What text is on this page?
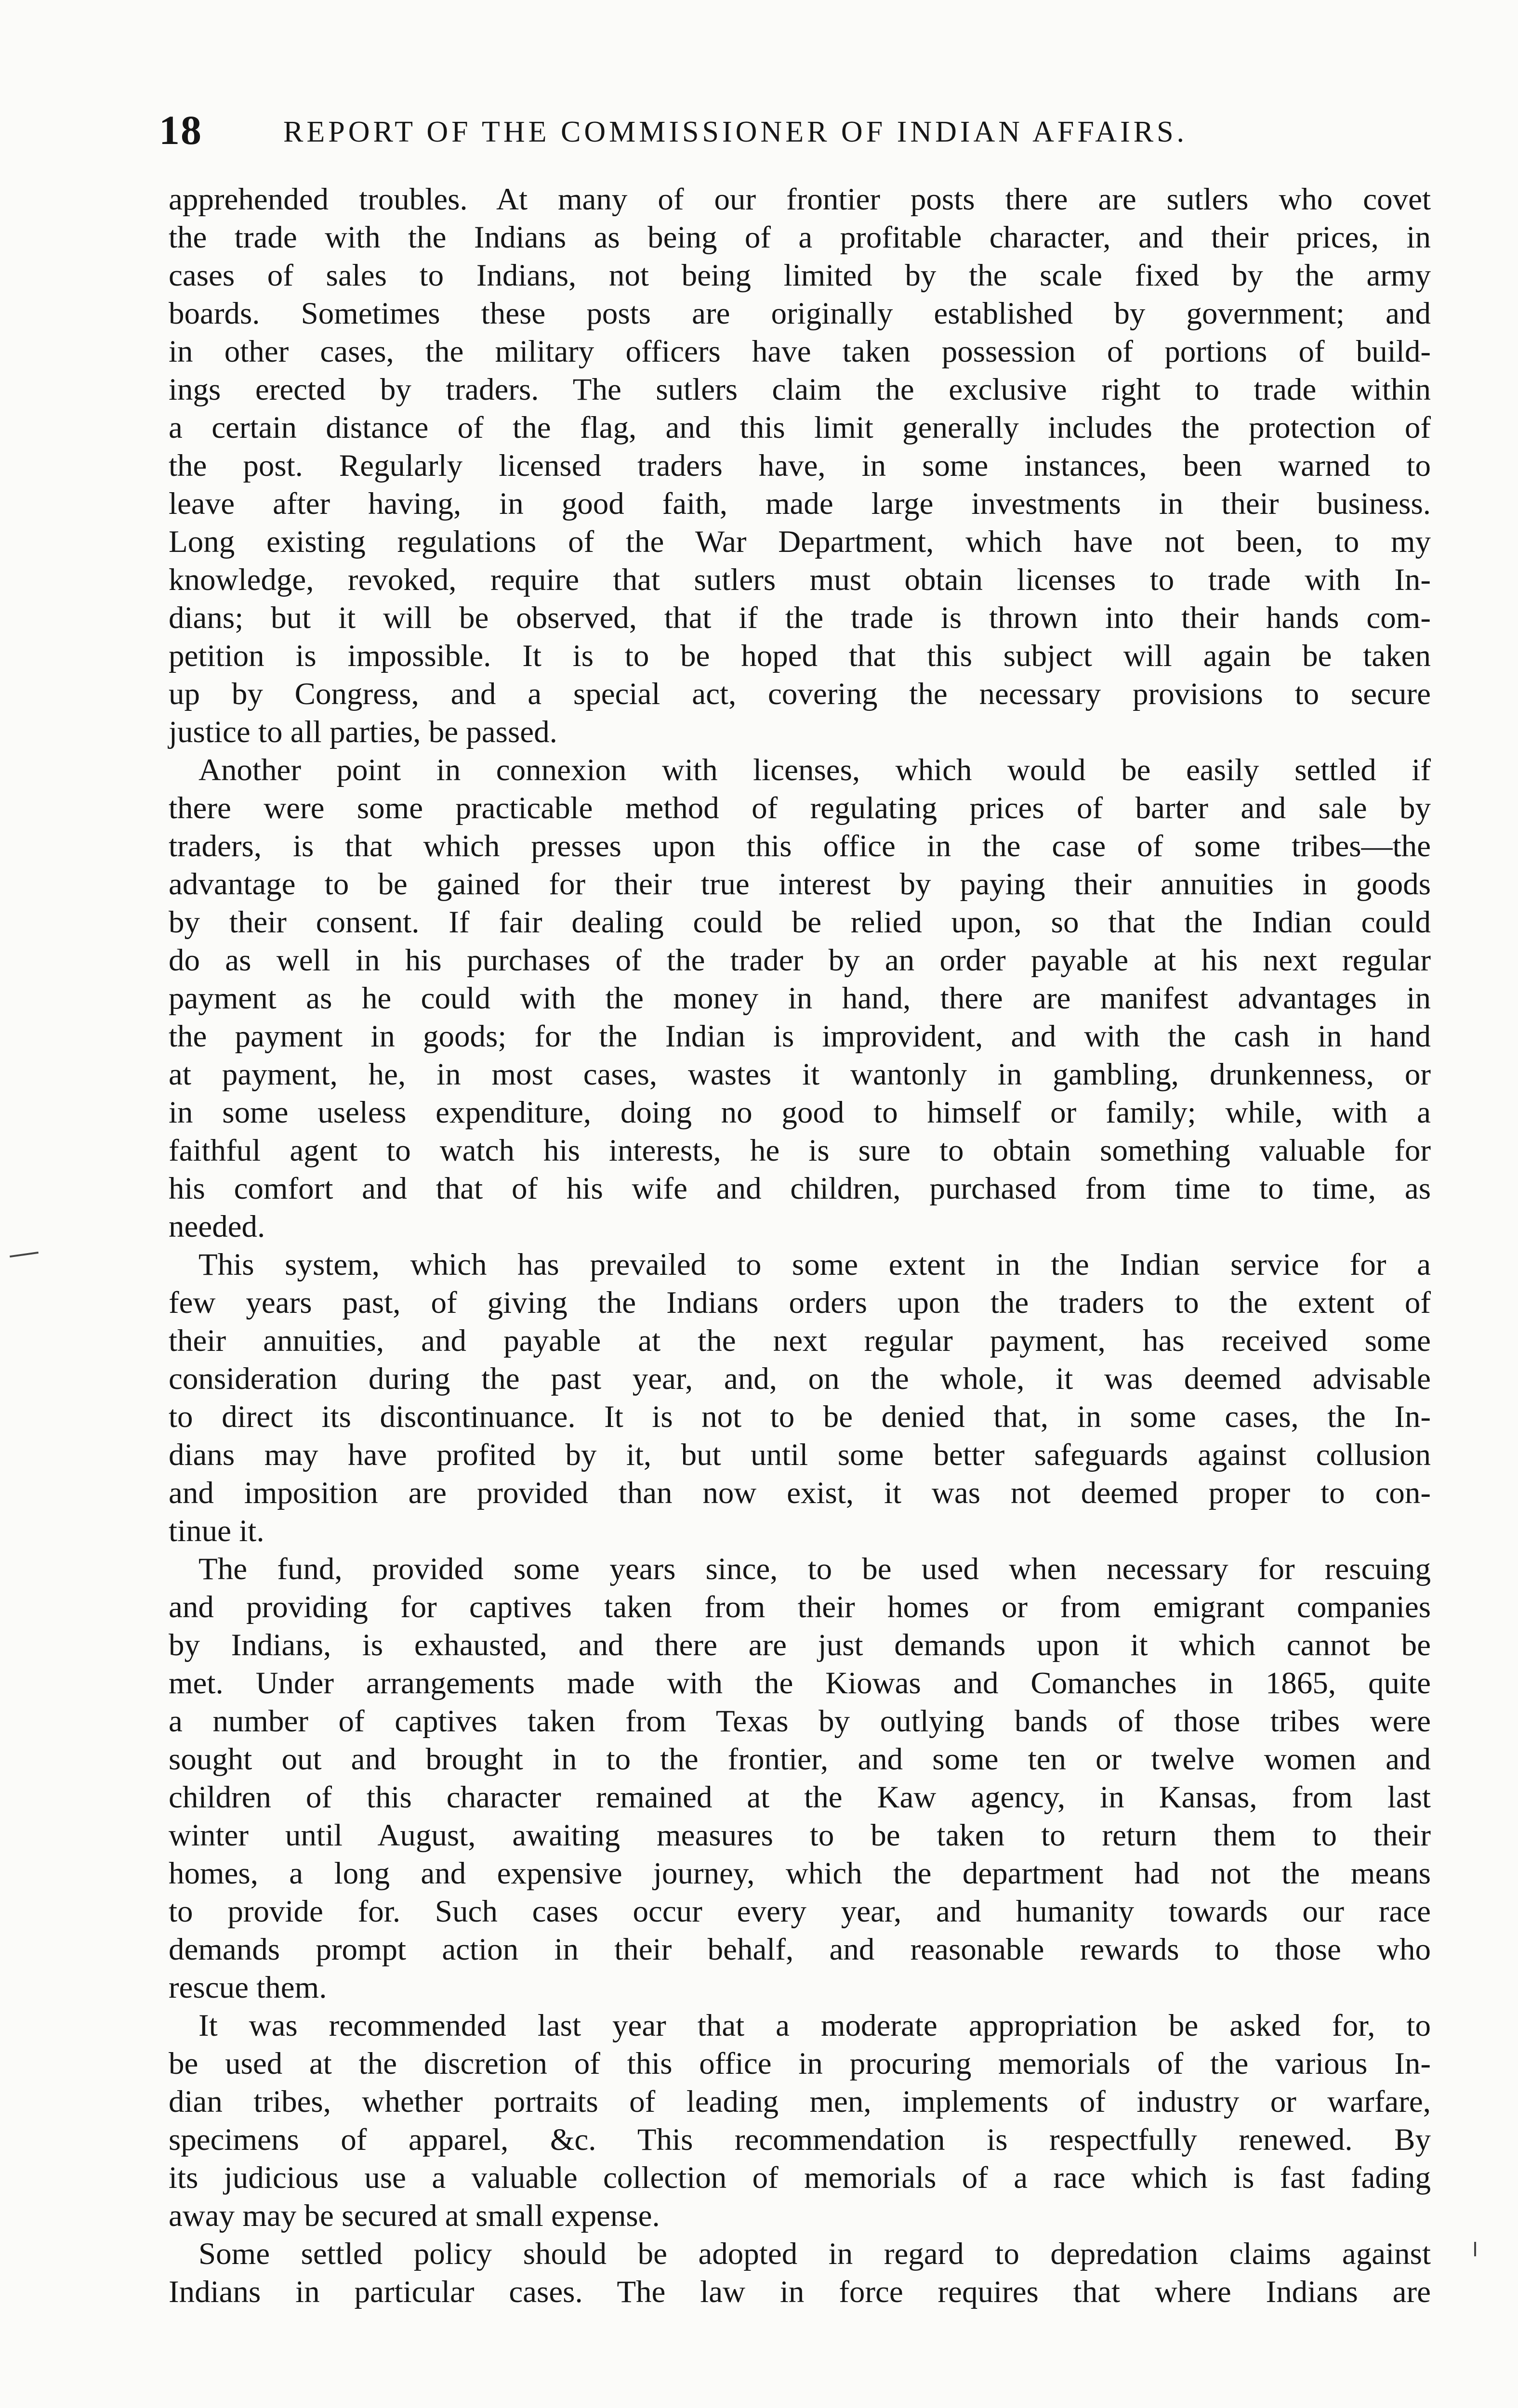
18	REPORT OF THE COMMISSIONER OF INDIAN AFFAIRS.
apprehended troubles. At many of our frontier posts there are sutlers who covet
the trade with the Indians as being of a profitable character, and their prices, in
cases of sales to Indians, not being limited by the scale fixed by the army
boards. Sometimes these posts are originally established by government; and
in other cases, the military officers have taken possession of portions of build-
ings erected by traders. The sutlers claim the exclusive right to trade within
a certain distance of the flag, and this limit generally includes the protection of
the post. Regularly licensed traders have, in some instances, been warned to
leave after having, in good faith, made large investments in their business.
Long existing regulations of the War Department, which have not been, to my
knowledge, revoked, require that sutlers must obtain licenses to trade with In-
dians; but it will be observed, that if the trade is thrown into their hands com-
petition is impossible. It is to be hoped that this subject will again be taken
up by Congress, and a special act, covering the necessary provisions to secure
justice to all parties, be passed.
Another point in connexion with licenses, which would be easily settled if
there were some practicable method of regulating prices of barter and sale by
traders, is that which presses upon this office in the case of some tribes—the
advantage to be gained for their true interest by paying their annuities in goods
by their consent. If fair dealing could be relied upon, so that the Indian could
do as well in his purchases of the trader by an order payable at his next regular
payment as he could with the money in hand, there are manifest advantages in
the payment in goods; for the Indian is improvident, and with the cash in hand
at payment, he, in most cases, wastes it wantonly in gambling, drunkenness, or
in some useless expenditure, doing no good to himself or family; while, with a
faithful agent to watch his interests, he is sure to obtain something valuable for
his comfort and that of his wife and children, purchased from time to time, as
needed.
This system, which has prevailed to some extent in the Indian service for a
few years past, of giving the Indians orders upon the traders to the extent of
their annuities, and payable at the next regular payment, has received some
consideration during the past year, and, on the whole, it was deemed advisable
to direct its discontinuance. It is not to be denied that, in some cases, the In-
dians may have profited by it, but until some better safeguards against collusion
and imposition are provided than now exist, it was not deemed proper to con-
tinue it.
The fund, provided some years since, to be used when necessary for rescuing
and providing for captives taken from their homes or from emigrant companies
by Indians, is exhausted, and there are just demands upon it which cannot be
met. Under arrangements made with the Kiowas and Comanches in 1865, quite
a number of captives taken from Texas by outlying bands of those tribes were
sought out and brought in to the frontier, and some ten or twelve women and
children of this character remained at the Kaw agency, in Kansas, from last
winter until August, awaiting measures to be taken to return them to their
homes, a long and expensive journey, which the department had not the means
to provide for. Such cases occur every year, and humanity towards our race
demands prompt action in their behalf, and reasonable rewards to those who
rescue them.
It was recommended last year that a moderate appropriation be asked for, to
be used at the discretion of this office in procuring memorials of the various In-
dian tribes, whether portraits of leading men, implements of industry or warfare,
specimens of apparel, &c. This recommendation is respectfully renewed. By
its judicious use a valuable collection of memorials of a race which is fast fading
away may be secured at small expense.
Some settled policy should be adopted in regard to depredation claims against
Indians in particular cases. The law in force requires that where Indians are
